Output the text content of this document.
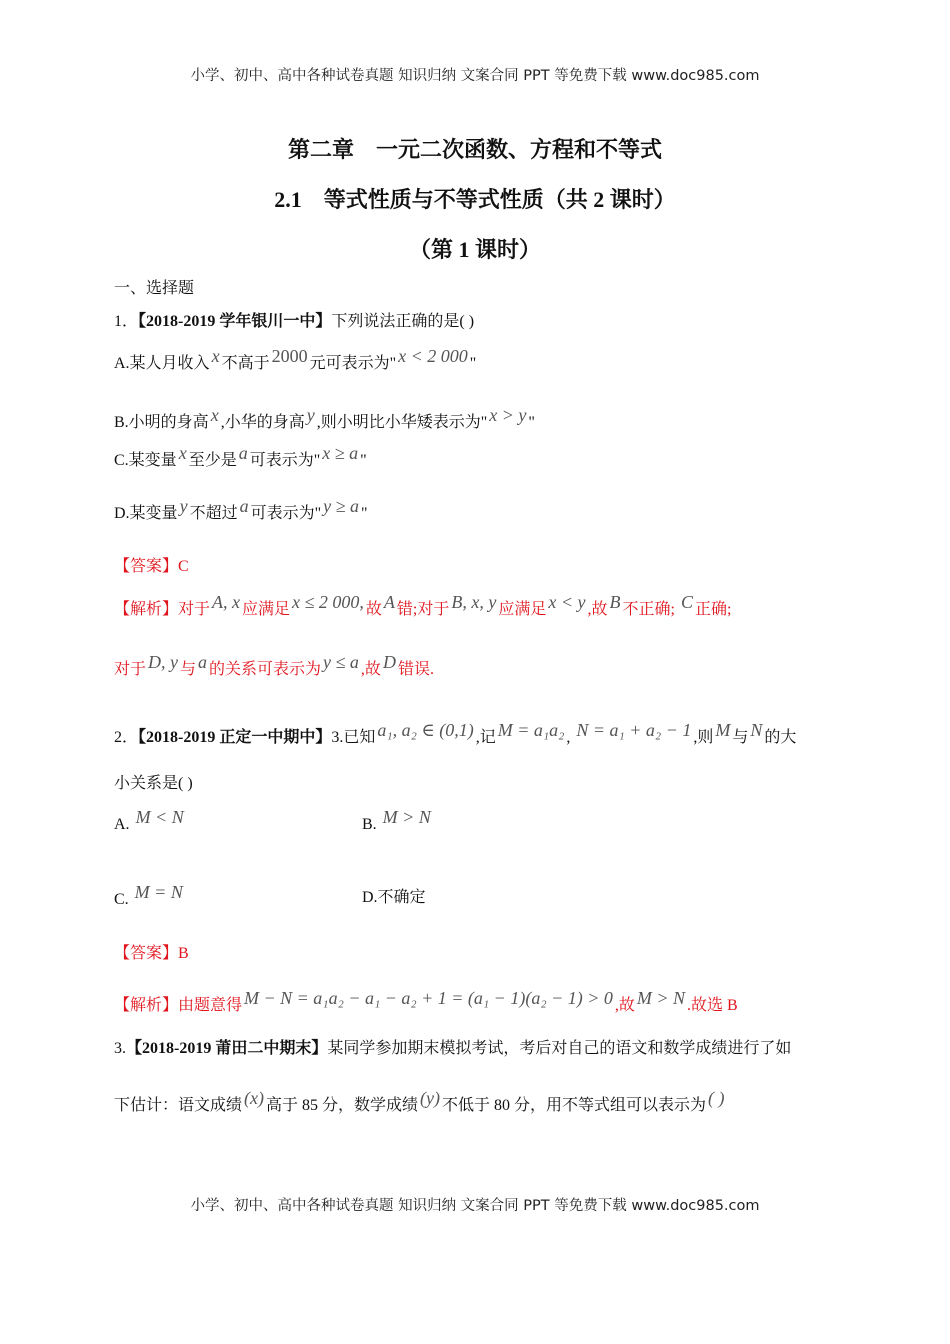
小学、初中、高中各种试卷真题 知识归纳 文案合同 PPT 等免费下载 www.doc985.com
第二章　一元二次函数、方程和不等式
2.1　等式性质与不等式性质（共 2 课时）
（第 1 课时）
一、选择题
1．【2018-2019 学年银川一中】下列说法正确的是( )
A.某人月收入 x 不高于 2000 元可表示为" x < 2 000 "
B.小明的身高 x ,小华的身高 y ,则小明比小华矮表示为" x > y "
C.某变量 x 至少是 a 可表示为" x ≥ a "
D.某变量 y 不超过 a 可表示为" y ≥ a "
【答案】C
【解析】对于 A, x 应满足 x ≤ 2 000, 故 A 错;对于 B, x, y 应满足 x < y ,故 B 不正确; C 正确;
对于 D, y 与 a 的关系可表示为 y ≤ a ,故 D 错误.
2．【2018-2019 正定一中期中】3.已知 a₁, a₂ ∈ (0,1) ,记 M = a₁a₂ , N = a₁ + a₂ − 1 ,则 M 与 N 的大
小关系是( )
A. M < N	B. M > N
C. M = N	D.不确定
【答案】B
【解析】由题意得 M − N = a₁a₂ − a₁ − a₂ + 1 = (a₁ − 1)(a₂ − 1) > 0 ,故 M > N .故选 B
3.【2018-2019 莆田二中期末】某同学参加期末模拟考试，考后对自己的语文和数学成绩进行了如
下估计：语文成绩 (x) 高于 85 分，数学成绩 (y) 不低于 80 分，用不等式组可以表示为 ( )
小学、初中、高中各种试卷真题 知识归纳 文案合同 PPT 等免费下载 www.doc985.com
